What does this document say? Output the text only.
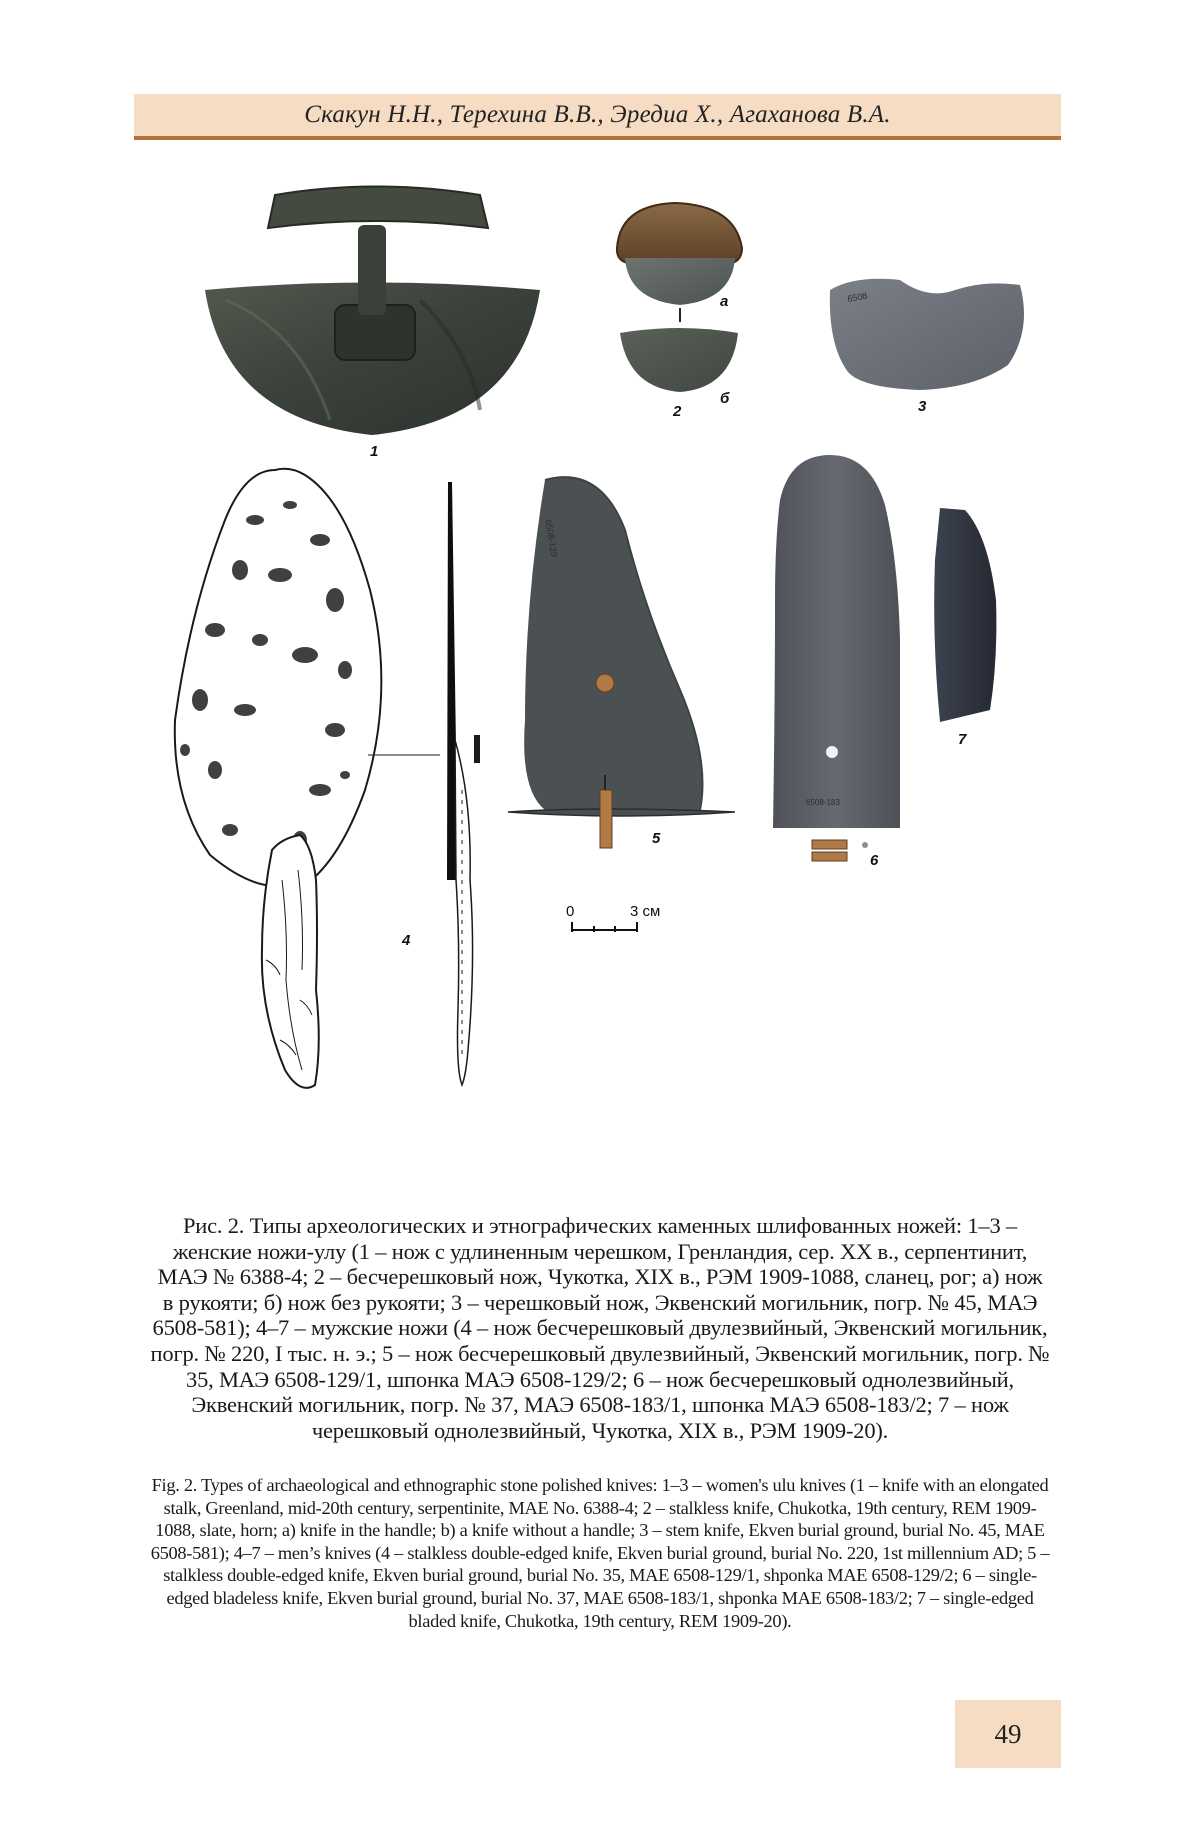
Скакун Н.Н., Терехина В.В., Эредиа Х., Агаханова В.А.
6508
6508-129
6508-183
а
б
2	3
1
7
5
6
4
0	3 см

Рис. 2. Типы археологических и этнографических каменных шлифованных ножей: 1–3 – женские ножи-улу (1 – нож с удлиненным черешком, Гренландия, сер. XX в., серпентинит, МАЭ № 6388-4; 2 – бесчерешковый нож, Чукотка, XIX в., РЭМ 1909-1088, сланец, рог; а) нож в рукояти; б) нож без рукояти; 3 – черешковый нож, Эквенский могильник, погр. № 45, МАЭ 6508-581); 4–7 – мужские ножи (4 – нож бесчерешковый двулезвийный, Эквенский могильник, погр. № 220, I тыс. н. э.; 5 – нож бесчерешковый двулезвийный, Эквенский могильник, погр. № 35, МАЭ 6508-129/1, шпонка МАЭ 6508-129/2; 6 – нож бесчерешковый однолезвийный, Эквенский могильник, погр. № 37, МАЭ 6508-183/1, шпонка МАЭ 6508-183/2; 7 – нож черешковый однолезвийный, Чукотка, XIX в., РЭМ 1909-20).

Fig. 2. Types of archaeological and ethnographic stone polished knives: 1–3 – women's ulu knives (1 – knife with an elongated stalk, Greenland, mid-20th century, serpentinite, MAE No. 6388-4; 2 – stalkless knife, Chukotka, 19th century, REM 1909-1088, slate, horn; a) knife in the handle; b) a knife without a handle; 3 – stem knife, Ekven burial ground, burial No. 45, MAE 6508-581); 4–7 – men’s knives (4 – stalkless double-edged knife, Ekven burial ground, burial No. 220, 1st millennium AD; 5 – stalkless double-edged knife, Ekven burial ground, burial No. 35, MAE 6508-129/1, shponka MAE 6508-129/2; 6 – single-edged bladeless knife, Ekven burial ground, burial No. 37, MAE 6508-183/1, shponka MAE 6508-183/2; 7 – single-edged bladed knife, Chukotka, 19th century, REM 1909-20).

49
